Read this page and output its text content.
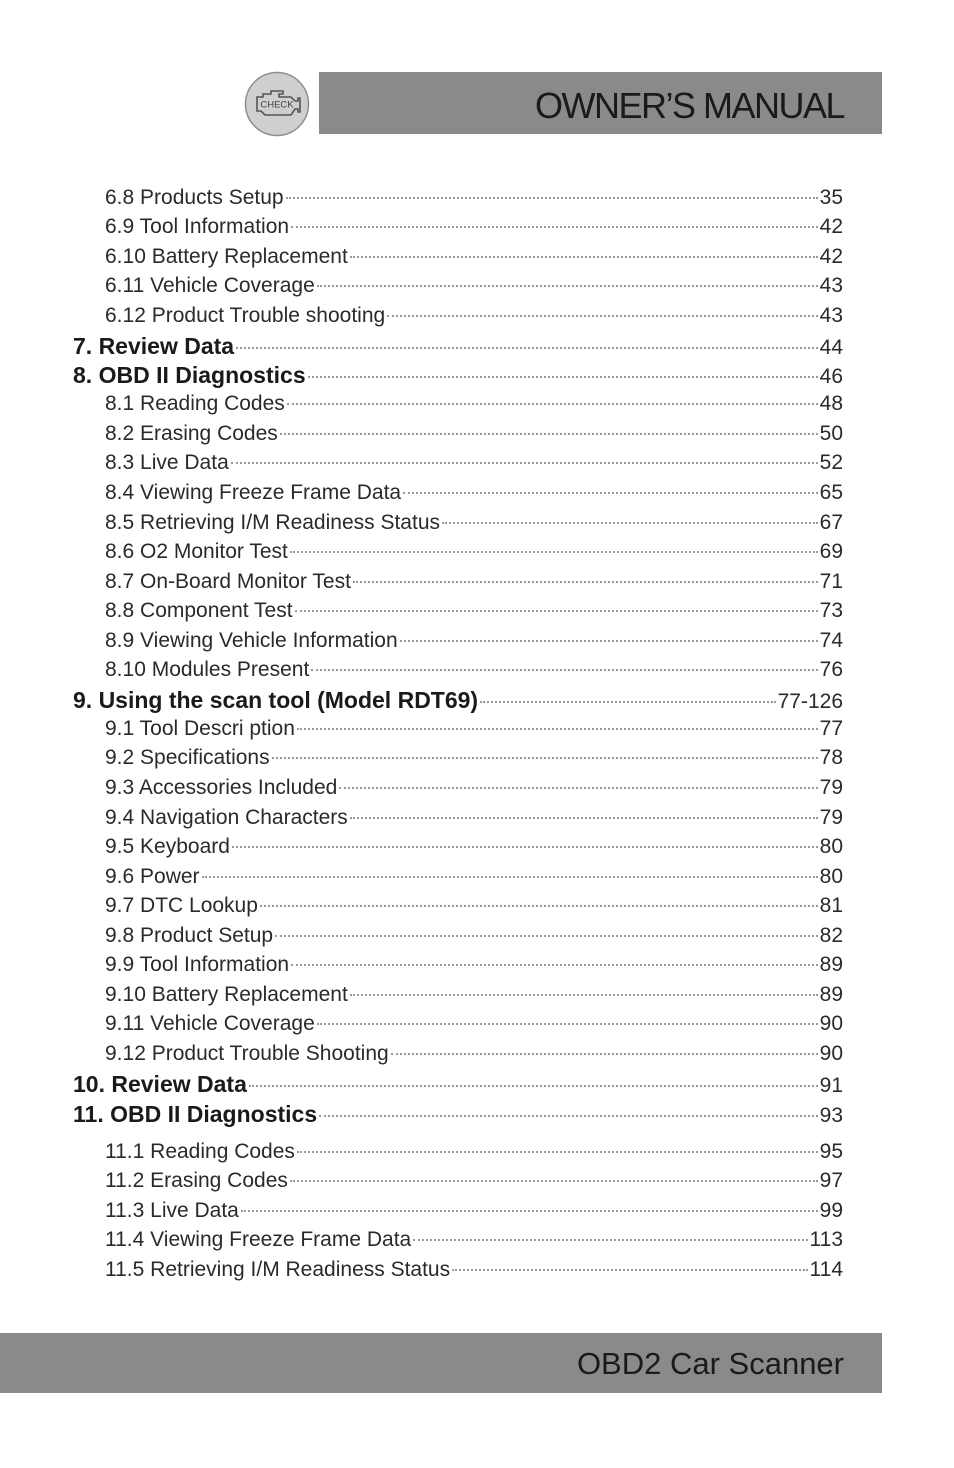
CHECK	OWNER’S MANUAL
6.8 Products Setup	35
6.9 Tool Information	42
6.10 Battery Replacement	42
6.11 Vehicle Coverage	43
6.12 Product Trouble shooting	43
7. Review Data	44
8. OBD II Diagnostics	46
8.1 Reading Codes	48
8.2 Erasing Codes	50
8.3 Live Data	52
8.4 Viewing Freeze Frame Data	65
8.5 Retrieving I/M Readiness Status	67
8.6 O2 Monitor Test	69
8.7 On-Board Monitor Test	71
8.8 Component Test	73
8.9 Viewing Vehicle Information	74
8.10 Modules Present	76
9. Using the scan tool (Model RDT69)	77-126
9.1 Tool Descri ption	77
9.2 Specifications	78
9.3 Accessories Included	79
9.4 Navigation Characters	79
9.5 Keyboard	80
9.6 Power	80
9.7 DTC Lookup	81
9.8 Product Setup	82
9.9 Tool Information	89
9.10 Battery Replacement	89
9.11 Vehicle Coverage	90
9.12 Product Trouble Shooting	90
10. Review Data	91
11. OBD II Diagnostics	93
11.1 Reading Codes	95
11.2 Erasing Codes	97
11.3 Live Data	99
11.4 Viewing Freeze Frame Data	113
11.5 Retrieving I/M Readiness Status	114
OBD2 Car Scanner
